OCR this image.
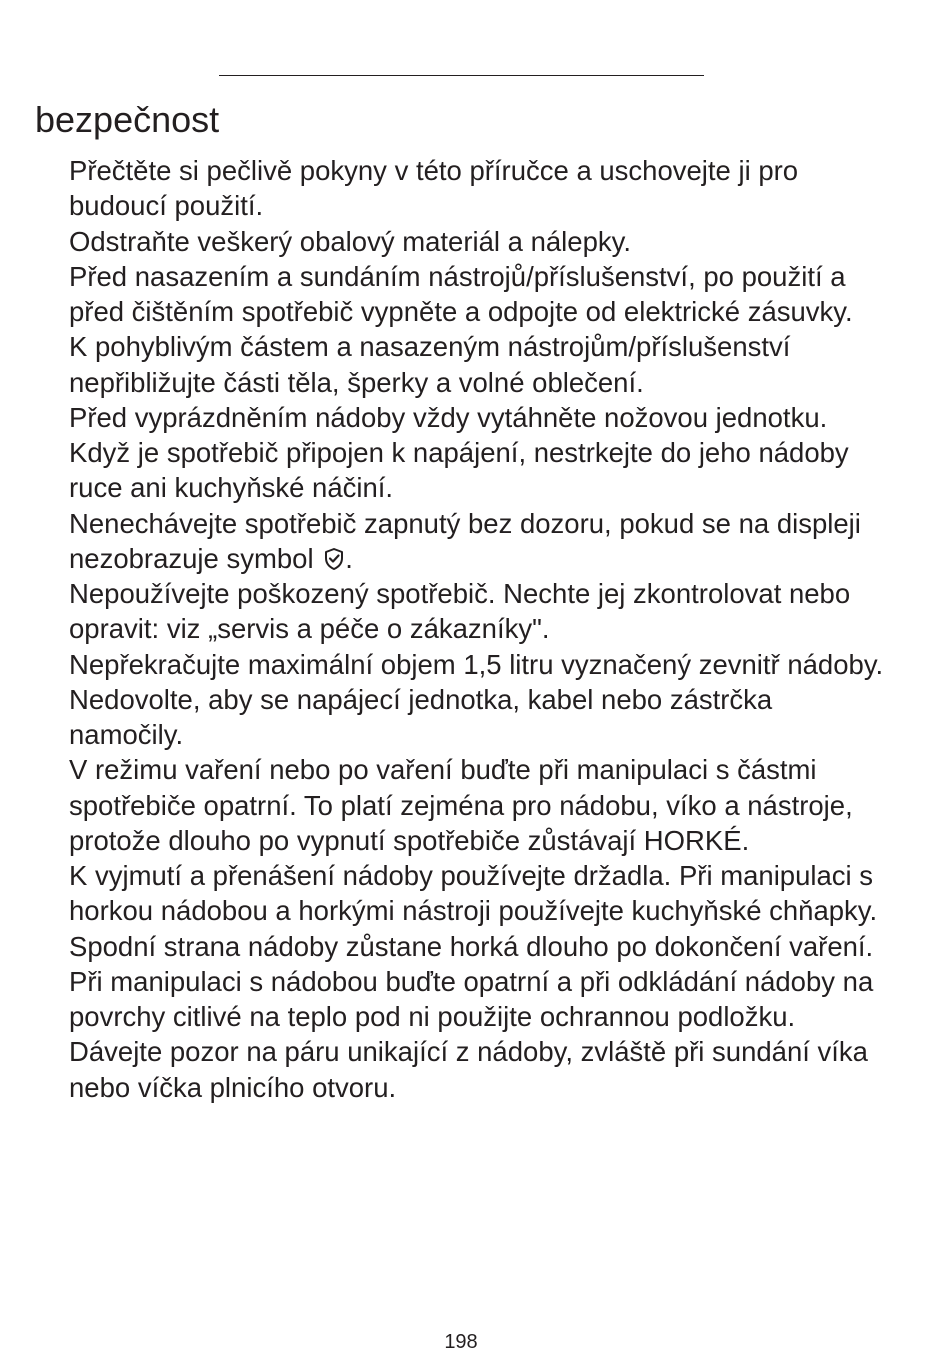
bezpečnost
Přečtěte si pečlivě pokyny v této příručce a uschovejte ji pro budoucí použití.
Odstraňte veškerý obalový materiál a nálepky.
Před nasazením a sundáním nástrojů/příslušenství, po použití a před čištěním spotřebič vypněte a odpojte od elektrické zásuvky.
K pohyblivým částem a nasazeným nástrojům/příslušenství nepřibližujte části těla, šperky a volné oblečení.
Před vyprázdněním nádoby vždy vytáhněte nožovou jednotku.
Když je spotřebič připojen k napájení, nestrkejte do jeho nádoby ruce ani kuchyňské náčiní.
Nenechávejte spotřebič zapnutý bez dozoru, pokud se na displeji nezobrazuje symbol .
Nepoužívejte poškozený spotřebič. Nechte jej zkontrolovat nebo opravit: viz „servis a péče o zákazníky".
Nepřekračujte maximální objem 1,5 litru vyznačený zevnitř nádoby.
Nedovolte, aby se napájecí jednotka, kabel nebo zástrčka namočily.
V režimu vaření nebo po vaření buďte při manipulaci s částmi spotřebiče opatrní. To platí zejména pro nádobu, víko a nástroje, protože dlouho po vypnutí spotřebiče zůstávají HORKÉ.
K vyjmutí a přenášení nádoby používejte držadla. Při manipulaci s horkou nádobou a horkými nástroji používejte kuchyňské chňapky.
Spodní strana nádoby zůstane horká dlouho po dokončení vaření. Při manipulaci s nádobou buďte opatrní a při odkládání nádoby na povrchy citlivé na teplo pod ni použijte ochrannou podložku.
Dávejte pozor na páru unikající z nádoby, zvláště při sundání víka nebo víčka plnicího otvoru.
198
